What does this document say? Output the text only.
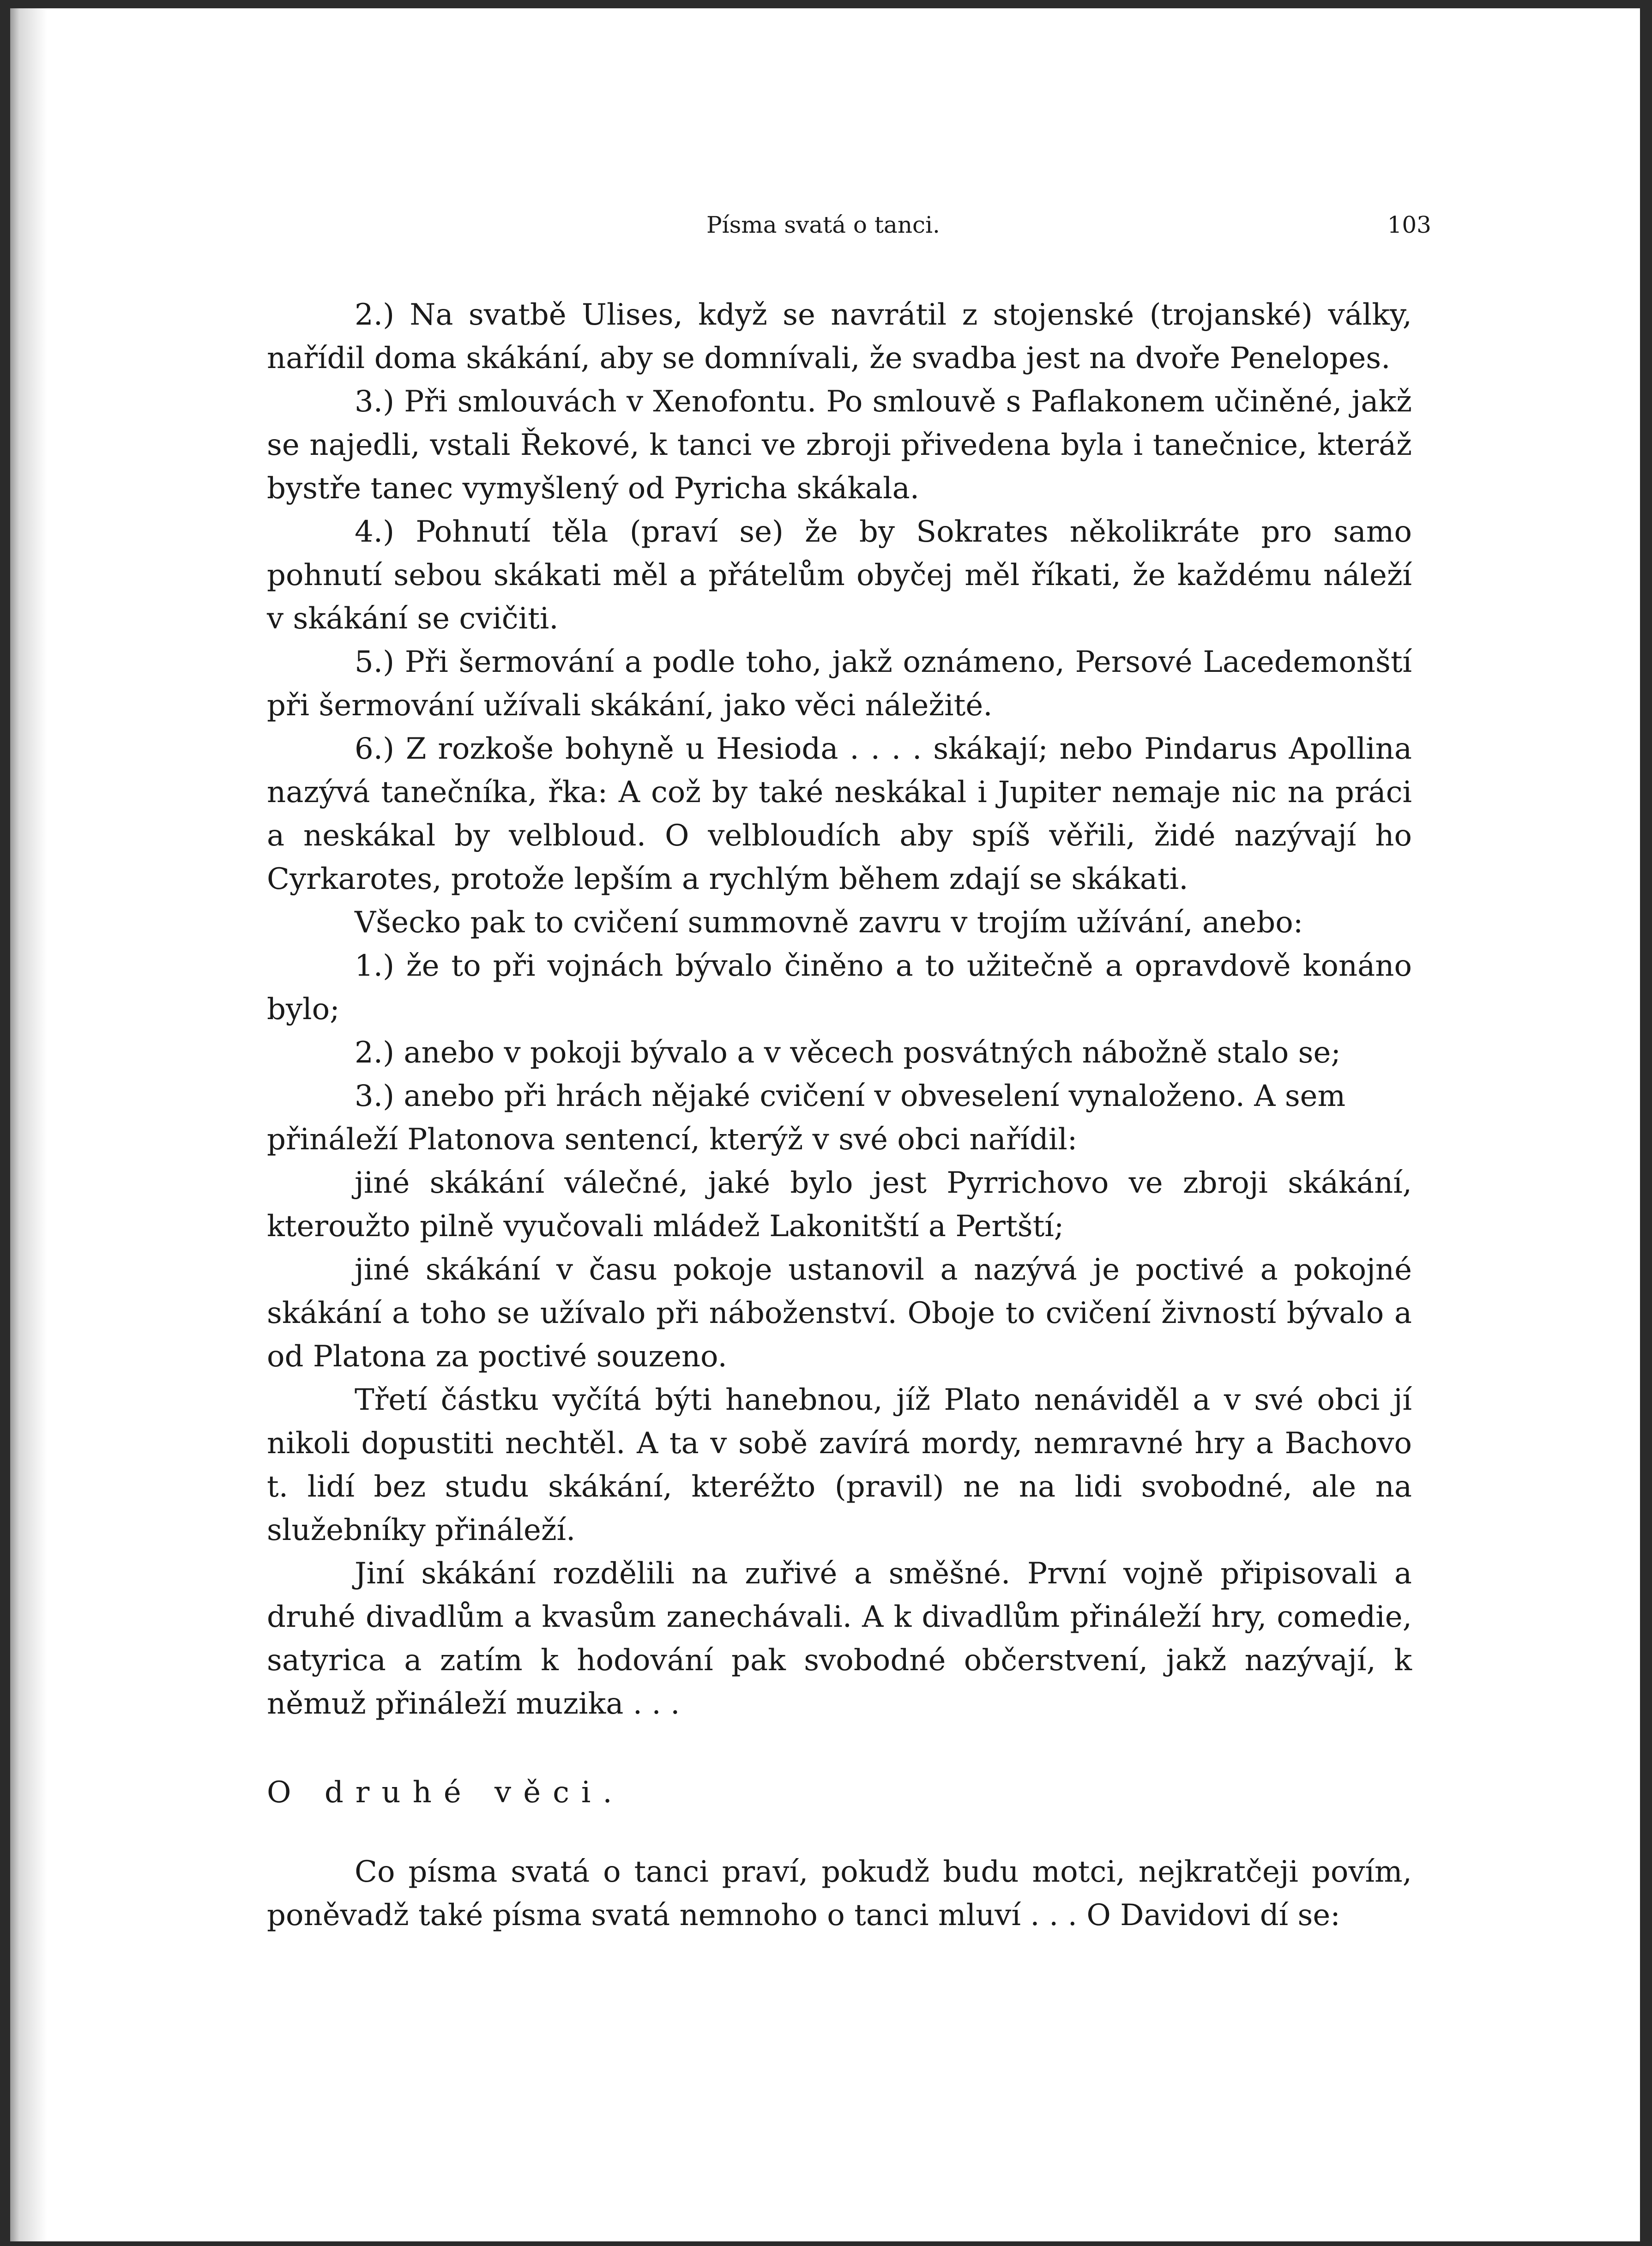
Písma svatá o tanci.	103

2.) Na svatbě Ulises, když se navrátil z stojenské (trojanské) války, nařídil doma skákání, aby se domnívali, že svadba jest na dvoře Penelopes.

3.) Při smlouvách v Xenofontu. Po smlouvě s Paflakonem učiněné, jakž se najedli, vstali Řekové, k tanci ve zbroji přivedena byla i tanečnice, kteráž bystře tanec vymyšlený od Pyricha skákala.

4.) Pohnutí těla (praví se) že by Sokrates několikráte pro samo pohnutí sebou skákati měl a přátelům obyčej měl říkati, že každému náleží v skákání se cvičiti.

5.) Při šermování a podle toho, jakž oznámeno, Persové Lacedemonští při šermování užívali skákání, jako věci náležité.

6.) Z rozkoše bohyně u Hesioda . . . . skákají; nebo Pindarus Apollina nazývá tanečníka, řka: A což by také neskákal i Jupiter nemaje nic na práci a neskákal by velbloud. O velbloudích aby spíš věřili, židé nazývají ho Cyrkarotes, protože lepším a rychlým během zdají se skákati.

Všecko pak to cvičení summovně zavru v trojím užívání, anebo:

1.) že to při vojnách bývalo činěno a to užitečně a opravdově konáno bylo;

2.) anebo v pokoji bývalo a v věcech posvátných nábožně stalo se;

3.) anebo při hrách nějaké cvičení v obveselení vynaloženo. A sem

přináleží Platonova sentencí, kterýž v své obci nařídil:

jiné skákání válečné, jaké bylo jest Pyrrichovo ve zbroji skákání, kteroužto pilně vyučovali mládež Lakonitští a Pertští;

jiné skákání v času pokoje ustanovil a nazývá je poctivé a pokojné skákání a toho se užívalo při náboženství. Oboje to cvičení živností bývalo a od Platona za poctivé souzeno.

Třetí částku vyčítá býti hanebnou, jíž Plato nenáviděl a v své obci jí nikoli dopustiti nechtěl. A ta v sobě zavírá mordy, nemravné hry a Bachovo t. lidí bez studu skákání, kteréžto (pravil) ne na lidi svobodné, ale na služebníky přináleží.

Jiní skákání rozdělili na zuřivé a směšné. První vojně připisovali a druhé divadlům a kvasům zanechávali. A k divadlům přináleží hry, comedie, satyrica a zatím k hodování pak svobodné občerstvení, jakž nazývají, k němuž přináleží muzika . . .

O druhé věci.

Co písma svatá o tanci praví, pokudž budu motci, nejkratčeji povím, poněvadž také písma svatá nemnoho o tanci mluví . . . O Davidovi dí se:
